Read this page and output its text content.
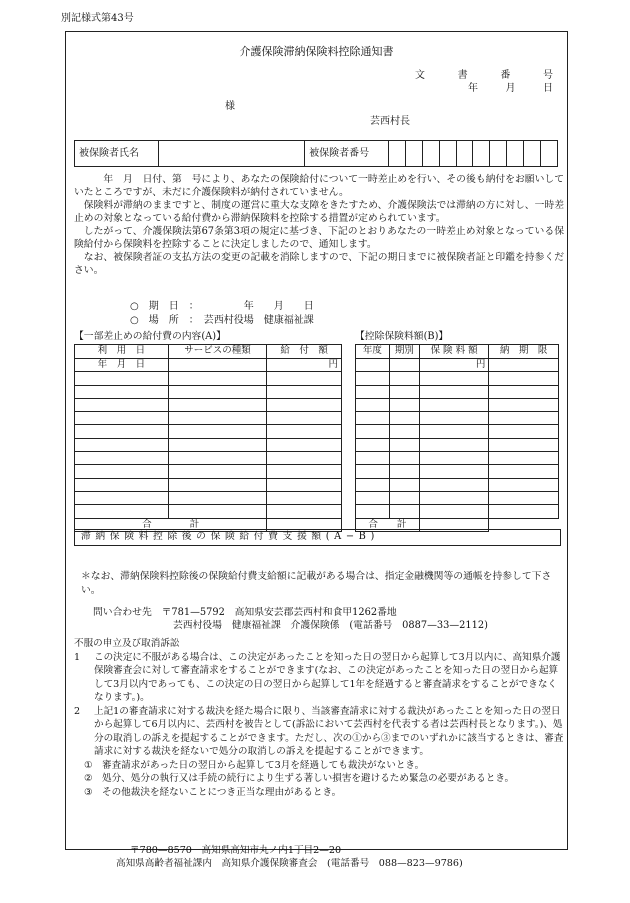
別記様式第43号
介護保険滞納保険料控除通知書
文	書	番	号
年	月	日
様
芸西村長
被保険者氏名		被保険者番号										

年　月　日付、第　号により、あなたの保険給付について一時差止めを行い、その後も納付をお願いしていたところですが、未だに介護保険料が納付されていません。

保険料が滞納のままですと、制度の運営に重大な支障をきたすため、介護保険法では滞納の方に対し、一時差止めの対象となっている給付費から滞納保険料を控除する措置が定められています。

したがって、介護保険法第67条第3項の規定に基づき、下記のとおりあなたの一時差止め対象となっている保険給付から保険料を控除することに決定しましたので、通知します。

なお、被保険者証の支払方法の変更の記載を消除しますので、下記の期日までに被保険者証と印鑑を持参ください。

○　期　日　：　　　　　年　　月　　日
○　場　所　：　芸西村役場　健康福祉課
【一部差止めの給付費の内容(A)】
利　用　日	サービスの種類	給　付　額
年　月　日		円

合　　　　計		
【控除保険料額(B)】
年度	期別	保 険 料 額	納　期　限
		円	

合　　計			
滞納保険料控除後の保険給付費支援額(A−B)
＊なお、滞納保険料控除後の保険給付費支給額に記載がある場合は、指定金融機関等の通帳を持参して下さい。
問い合わせ先　〒781—5792　高知県安芸郡芸西村和食甲1262番地
芸西村役場　健康福祉課　介護保険係　(電話番号　0887—33—2112)
不服の申立及び取消訴訟
1	この決定に不服がある場合は、この決定があったことを知った日の翌日から起算して3月以内に、高知県介護保険審査会に対して審査請求をすることができます(なお、この決定があったことを知った日の翌日から起算して3月以内であっても、この決定の日の翌日から起算して1年を経過すると審査請求をすることができなくなります。)。
2	上記1の審査請求に対する裁決を経た場合に限り、当該審査請求に対する裁決があったことを知った日の翌日から起算して6月以内に、芸西村を被告として(訴訟において芸西村を代表する者は芸西村長となります。)、処分の取消しの訴えを提起することができます。ただし、次の①から③までのいずれかに該当するときは、審査請求に対する裁決を経ないで処分の取消しの訴えを提起することができます。
① 審査請求があった日の翌日から起算して3月を経過しても裁決がないとき。
② 処分、処分の執行又は手続の続行により生ずる著しい損害を避けるため緊急の必要があるとき。
③ その他裁決を経ないことにつき正当な理由があるとき。
〒780—8570　高知県高知市丸ノ内1丁目2—20
高知県高齢者福祉課内　高知県介護保険審査会　(電話番号　088—823—9786)
